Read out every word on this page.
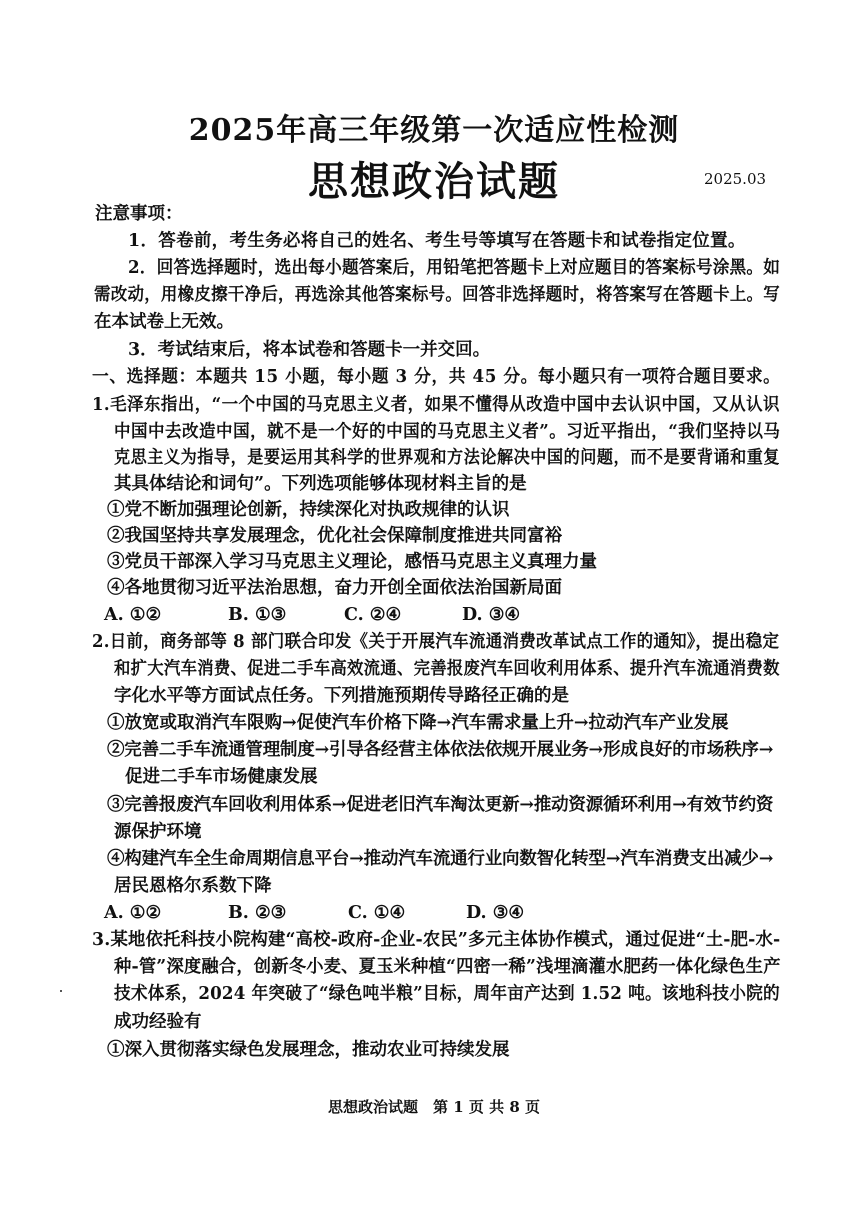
2025年高三年级第一次适应性检测
思想政治试题	2025.03
注意事项：
1．答卷前，考生务必将自己的姓名、考生号等填写在答题卡和试卷指定位置。
2．回答选择题时，选出每小题答案后，用铅笔把答题卡上对应题目的答案标号涂黑。如
需改动，用橡皮擦干净后，再选涂其他答案标号。回答非选择题时，将答案写在答题卡上。写
在本试卷上无效。
3．考试结束后，将本试卷和答题卡一并交回。
一、选择题：本题共 15 小题，每小题 3 分，共 45 分。每小题只有一项符合题目要求。
1.毛泽东指出，“一个中国的马克思主义者，如果不懂得从改造中国中去认识中国，又从认识
中国中去改造中国，就不是一个好的中国的马克思主义者”。习近平指出，“我们坚持以马
克思主义为指导，是要运用其科学的世界观和方法论解决中国的问题，而不是要背诵和重复
其具体结论和词句”。下列选项能够体现材料主旨的是
①党不断加强理论创新，持续深化对执政规律的认识
②我国坚持共享发展理念，优化社会保障制度推进共同富裕
③党员干部深入学习马克思主义理论，感悟马克思主义真理力量
④各地贯彻习近平法治思想，奋力开创全面依法治国新局面
A. ①②	B. ①③	C. ②④	D. ③④
2.日前，商务部等 8 部门联合印发《关于开展汽车流通消费改革试点工作的通知》，提出稳定
和扩大汽车消费、促进二手车高效流通、完善报废汽车回收利用体系、提升汽车流通消费数
字化水平等方面试点任务。下列措施预期传导路径正确的是
①放宽或取消汽车限购→促使汽车价格下降→汽车需求量上升→拉动汽车产业发展
②完善二手车流通管理制度→引导各经营主体依法依规开展业务→形成良好的市场秩序→
促进二手车市场健康发展
③完善报废汽车回收利用体系→促进老旧汽车淘汰更新→推动资源循环利用→有效节约资
源保护环境
④构建汽车全生命周期信息平台→推动汽车流通行业向数智化转型→汽车消费支出减少→
居民恩格尔系数下降
A. ①②	B. ②③	C. ①④	D. ③④
3.某地依托科技小院构建“高校-政府-企业-农民”多元主体协作模式，通过促进“土-肥-水-
种-管”深度融合，创新冬小麦、夏玉米种植“四密一稀”浅埋滴灌水肥药一体化绿色生产
技术体系，2024 年突破了“绿色吨半粮”目标，周年亩产达到 1.52 吨。该地科技小院的
成功经验有
①深入贯彻落实绿色发展理念，推动农业可持续发展
思想政治试题　第 1 页 共 8 页
